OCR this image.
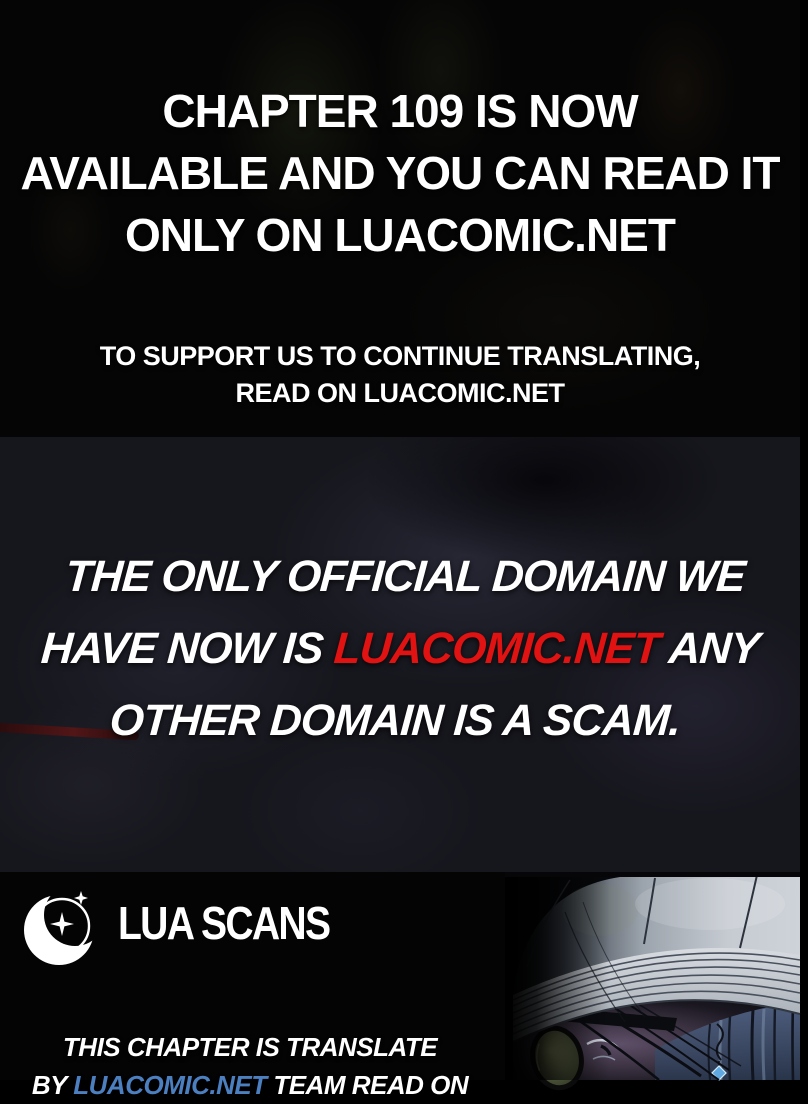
CHAPTER 109 IS NOW
AVAILABLE AND YOU CAN READ IT
ONLY ON LUACOMIC.NET
TO SUPPORT US TO CONTINUE TRANSLATING,
READ ON LUACOMIC.NET
THE ONLY OFFICIAL DOMAIN WE
HAVE NOW IS LUACOMIC.NET ANY
OTHER DOMAIN IS A SCAM.
LUA SCANS
THIS CHAPTER IS TRANSLATE
BY LUACOMIC.NET TEAM READ ON
